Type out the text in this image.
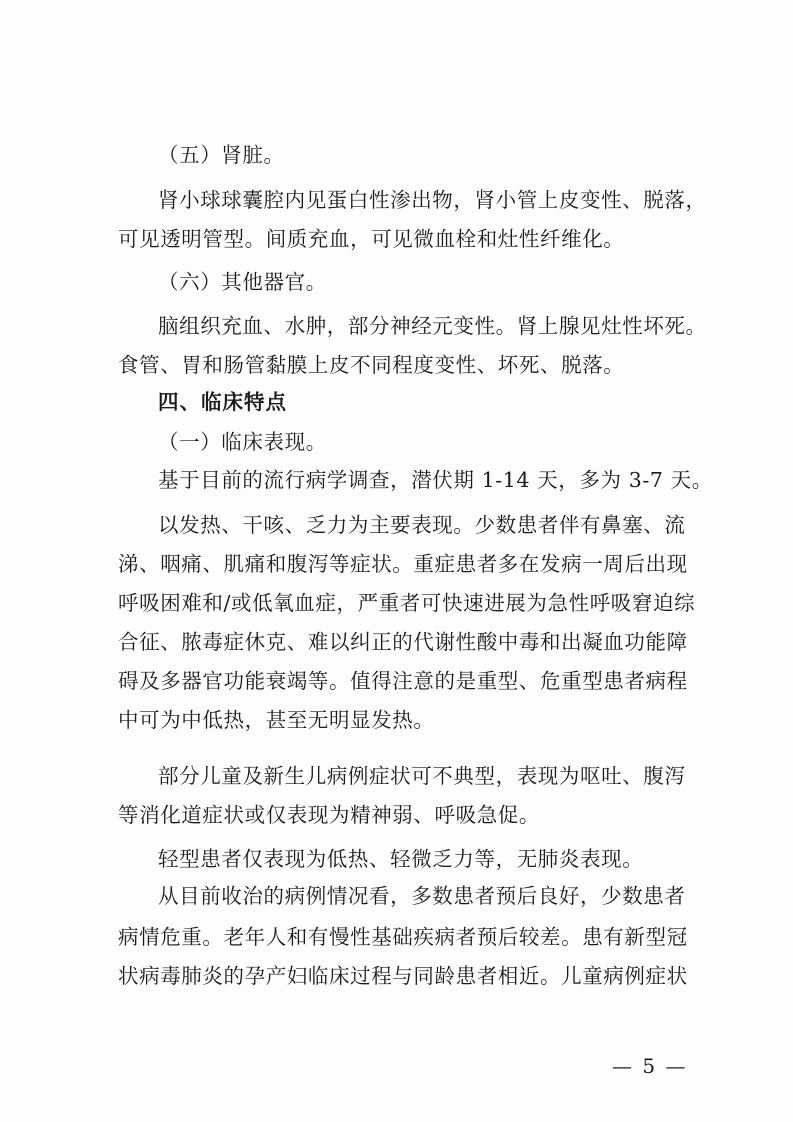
（五）肾脏。
肾小球球囊腔内见蛋白性渗出物，肾小管上皮变性、脱落，
可见透明管型。间质充血，可见微血栓和灶性纤维化。
（六）其他器官。
脑组织充血、水肿，部分神经元变性。肾上腺见灶性坏死。
食管、胃和肠管黏膜上皮不同程度变性、坏死、脱落。
四、临床特点
（一）临床表现。
基于目前的流行病学调查，潜伏期 1-14 天，多为 3-7 天。
以发热、干咳、乏力为主要表现。少数患者伴有鼻塞、流
涕、咽痛、肌痛和腹泻等症状。重症患者多在发病一周后出现
呼吸困难和/或低氧血症，严重者可快速进展为急性呼吸窘迫综
合征、脓毒症休克、难以纠正的代谢性酸中毒和出凝血功能障
碍及多器官功能衰竭等。值得注意的是重型、危重型患者病程
中可为中低热，甚至无明显发热。
部分儿童及新生儿病例症状可不典型，表现为呕吐、腹泻
等消化道症状或仅表现为精神弱、呼吸急促。
轻型患者仅表现为低热、轻微乏力等，无肺炎表现。
从目前收治的病例情况看，多数患者预后良好，少数患者
病情危重。老年人和有慢性基础疾病者预后较差。患有新型冠
状病毒肺炎的孕产妇临床过程与同龄患者相近。儿童病例症状
— 5 —
